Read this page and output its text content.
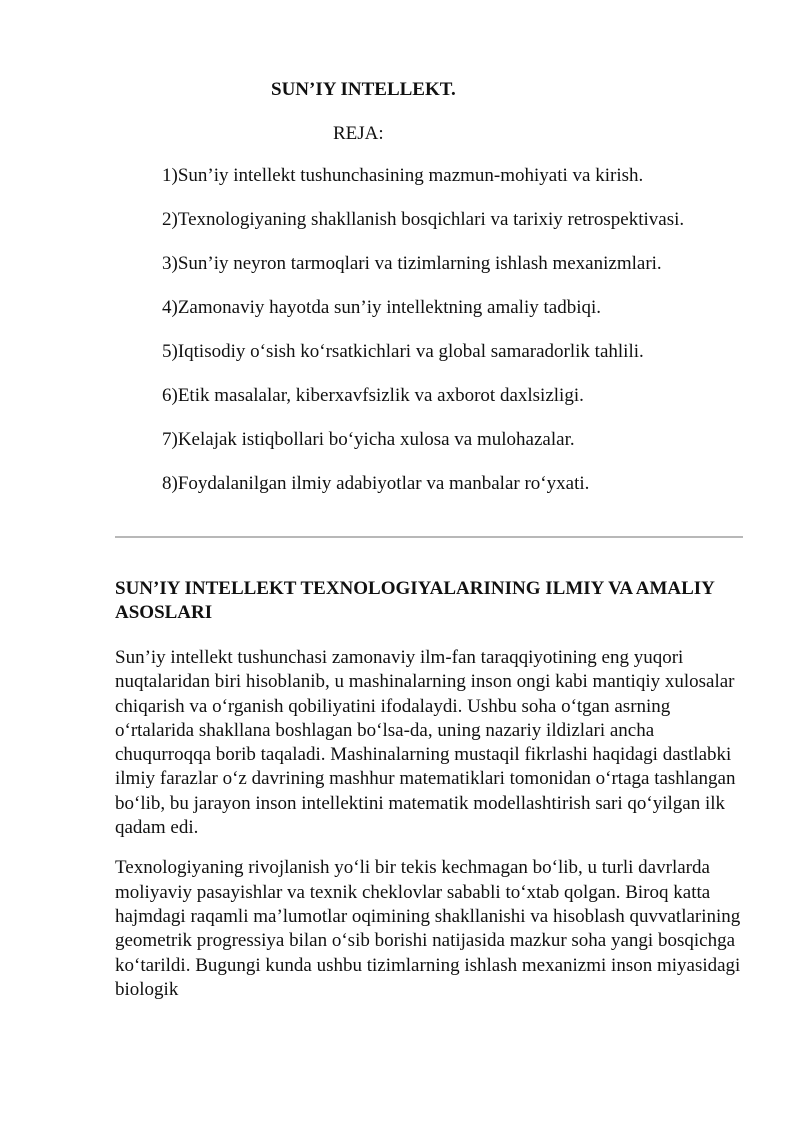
SUN’IY INTELLEKT.
REJA:
1)Sun’iy intellekt tushunchasining mazmun-mohiyati va kirish.
2)Texnologiyaning shakllanish bosqichlari va tarixiy retrospektivasi.
3)Sun’iy neyron tarmoqlari va tizimlarning ishlash mexanizmlari.
4)Zamonaviy hayotda sun’iy intellektning amaliy tadbiqi.
5)Iqtisodiy o‘sish ko‘rsatkichlari va global samaradorlik tahlili.
6)Etik masalalar, kiberxavfsizlik va axborot daxlsizligi.
7)Kelajak istiqbollari bo‘yicha xulosa va mulohazalar.
8)Foydalanilgan ilmiy adabiyotlar va manbalar ro‘yxati.
SUN’IY INTELLEKT TEXNOLOGIYALARINING ILMIY VA AMALIY ASOSLARI

Sun’iy intellekt tushunchasi zamonaviy ilm-fan taraqqiyotining eng yuqori nuqtalaridan biri hisoblanib, u mashinalarning inson ongi kabi mantiqiy xulosalar chiqarish va o‘rganish qobiliyatini ifodalaydi. Ushbu soha o‘tgan asrning o‘rtalarida shakllana boshlagan bo‘lsa-da, uning nazariy ildizlari ancha chuqurroqqa borib taqaladi. Mashinalarning mustaqil fikrlashi haqidagi dastlabki ilmiy farazlar o‘z davrining mashhur matematiklari tomonidan o‘rtaga tashlangan bo‘lib, bu jarayon inson intellektini matematik modellashtirish sari qo‘yilgan ilk qadam edi.

Texnologiyaning rivojlanish yo‘li bir tekis kechmagan bo‘lib, u turli davrlarda moliyaviy pasayishlar va texnik cheklovlar sababli to‘xtab qolgan. Biroq katta hajmdagi raqamli ma’lumotlar oqimining shakllanishi va hisoblash quvvatlarining geometrik progressiya bilan o‘sib borishi natijasida mazkur soha yangi bosqichga ko‘tarildi. Bugungi kunda ushbu tizimlarning ishlash mexanizmi inson miyasidagi biologik
